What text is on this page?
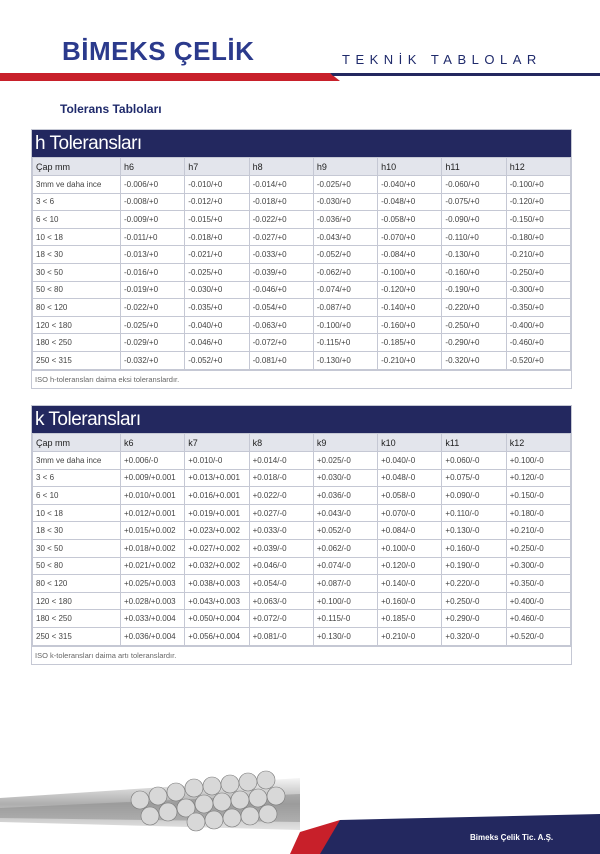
BİMEKS ÇELİK	TEKNİK TABLOLAR
Tolerans Tabloları
h Toleransları
Çap mm	h6	h7	h8	h9	h10	h11	h12
3mm ve daha ince	-0.006/+0	-0.010/+0	-0.014/+0	-0.025/+0	-0.040/+0	-0.060/+0	-0.100/+0
3 < 6	-0.008/+0	-0.012/+0	-0.018/+0	-0.030/+0	-0.048/+0	-0.075/+0	-0.120/+0
6 < 10	-0.009/+0	-0.015/+0	-0.022/+0	-0.036/+0	-0.058/+0	-0.090/+0	-0.150/+0
10 < 18	-0.011/+0	-0.018/+0	-0.027/+0	-0.043/+0	-0.070/+0	-0.110/+0	-0.180/+0
18 < 30	-0.013/+0	-0.021/+0	-0.033/+0	-0.052/+0	-0.084/+0	-0.130/+0	-0.210/+0
30 < 50	-0.016/+0	-0.025/+0	-0.039/+0	-0.062/+0	-0.100/+0	-0.160/+0	-0.250/+0
50 < 80	-0.019/+0	-0.030/+0	-0.046/+0	-0.074/+0	-0.120/+0	-0.190/+0	-0.300/+0
80 < 120	-0.022/+0	-0.035/+0	-0.054/+0	-0.087/+0	-0.140/+0	-0.220/+0	-0.350/+0
120 < 180	-0.025/+0	-0.040/+0	-0.063/+0	-0.100/+0	-0.160/+0	-0.250/+0	-0.400/+0
180 < 250	-0.029/+0	-0.046/+0	-0.072/+0	-0.115/+0	-0.185/+0	-0.290/+0	-0.460/+0
250 < 315	-0.032/+0	-0.052/+0	-0.081/+0	-0.130/+0	-0.210/+0	-0.320/+0	-0.520/+0
ISO h-toleransları daima eksi toleranslardır.
k Toleransları
Çap mm	k6	k7	k8	k9	k10	k11	k12
3mm ve daha ince	+0.006/-0	+0.010/-0	+0.014/-0	+0.025/-0	+0.040/-0	+0.060/-0	+0.100/-0
3 < 6	+0.009/+0.001	+0.013/+0.001	+0.018/-0	+0.030/-0	+0.048/-0	+0.075/-0	+0.120/-0
6 < 10	+0.010/+0.001	+0.016/+0.001	+0.022/-0	+0.036/-0	+0.058/-0	+0.090/-0	+0.150/-0
10 < 18	+0.012/+0.001	+0.019/+0.001	+0.027/-0	+0.043/-0	+0.070/-0	+0.110/-0	+0.180/-0
18 < 30	+0.015/+0.002	+0.023/+0.002	+0.033/-0	+0.052/-0	+0.084/-0	+0.130/-0	+0.210/-0
30 < 50	+0.018/+0.002	+0.027/+0.002	+0.039/-0	+0.062/-0	+0.100/-0	+0.160/-0	+0.250/-0
50 < 80	+0.021/+0.002	+0.032/+0.002	+0.046/-0	+0.074/-0	+0.120/-0	+0.190/-0	+0.300/-0
80 < 120	+0.025/+0.003	+0.038/+0.003	+0.054/-0	+0.087/-0	+0.140/-0	+0.220/-0	+0.350/-0
120 < 180	+0.028/+0.003	+0.043/+0.003	+0.063/-0	+0.100/-0	+0.160/-0	+0.250/-0	+0.400/-0
180 < 250	+0.033/+0.004	+0.050/+0.004	+0.072/-0	+0.115/-0	+0.185/-0	+0.290/-0	+0.460/-0
250 < 315	+0.036/+0.004	+0.056/+0.004	+0.081/-0	+0.130/-0	+0.210/-0	+0.320/-0	+0.520/-0
ISO k-toleransları daima artı toleranslardır.
Bimeks Çelik Tic. A.Ş.
